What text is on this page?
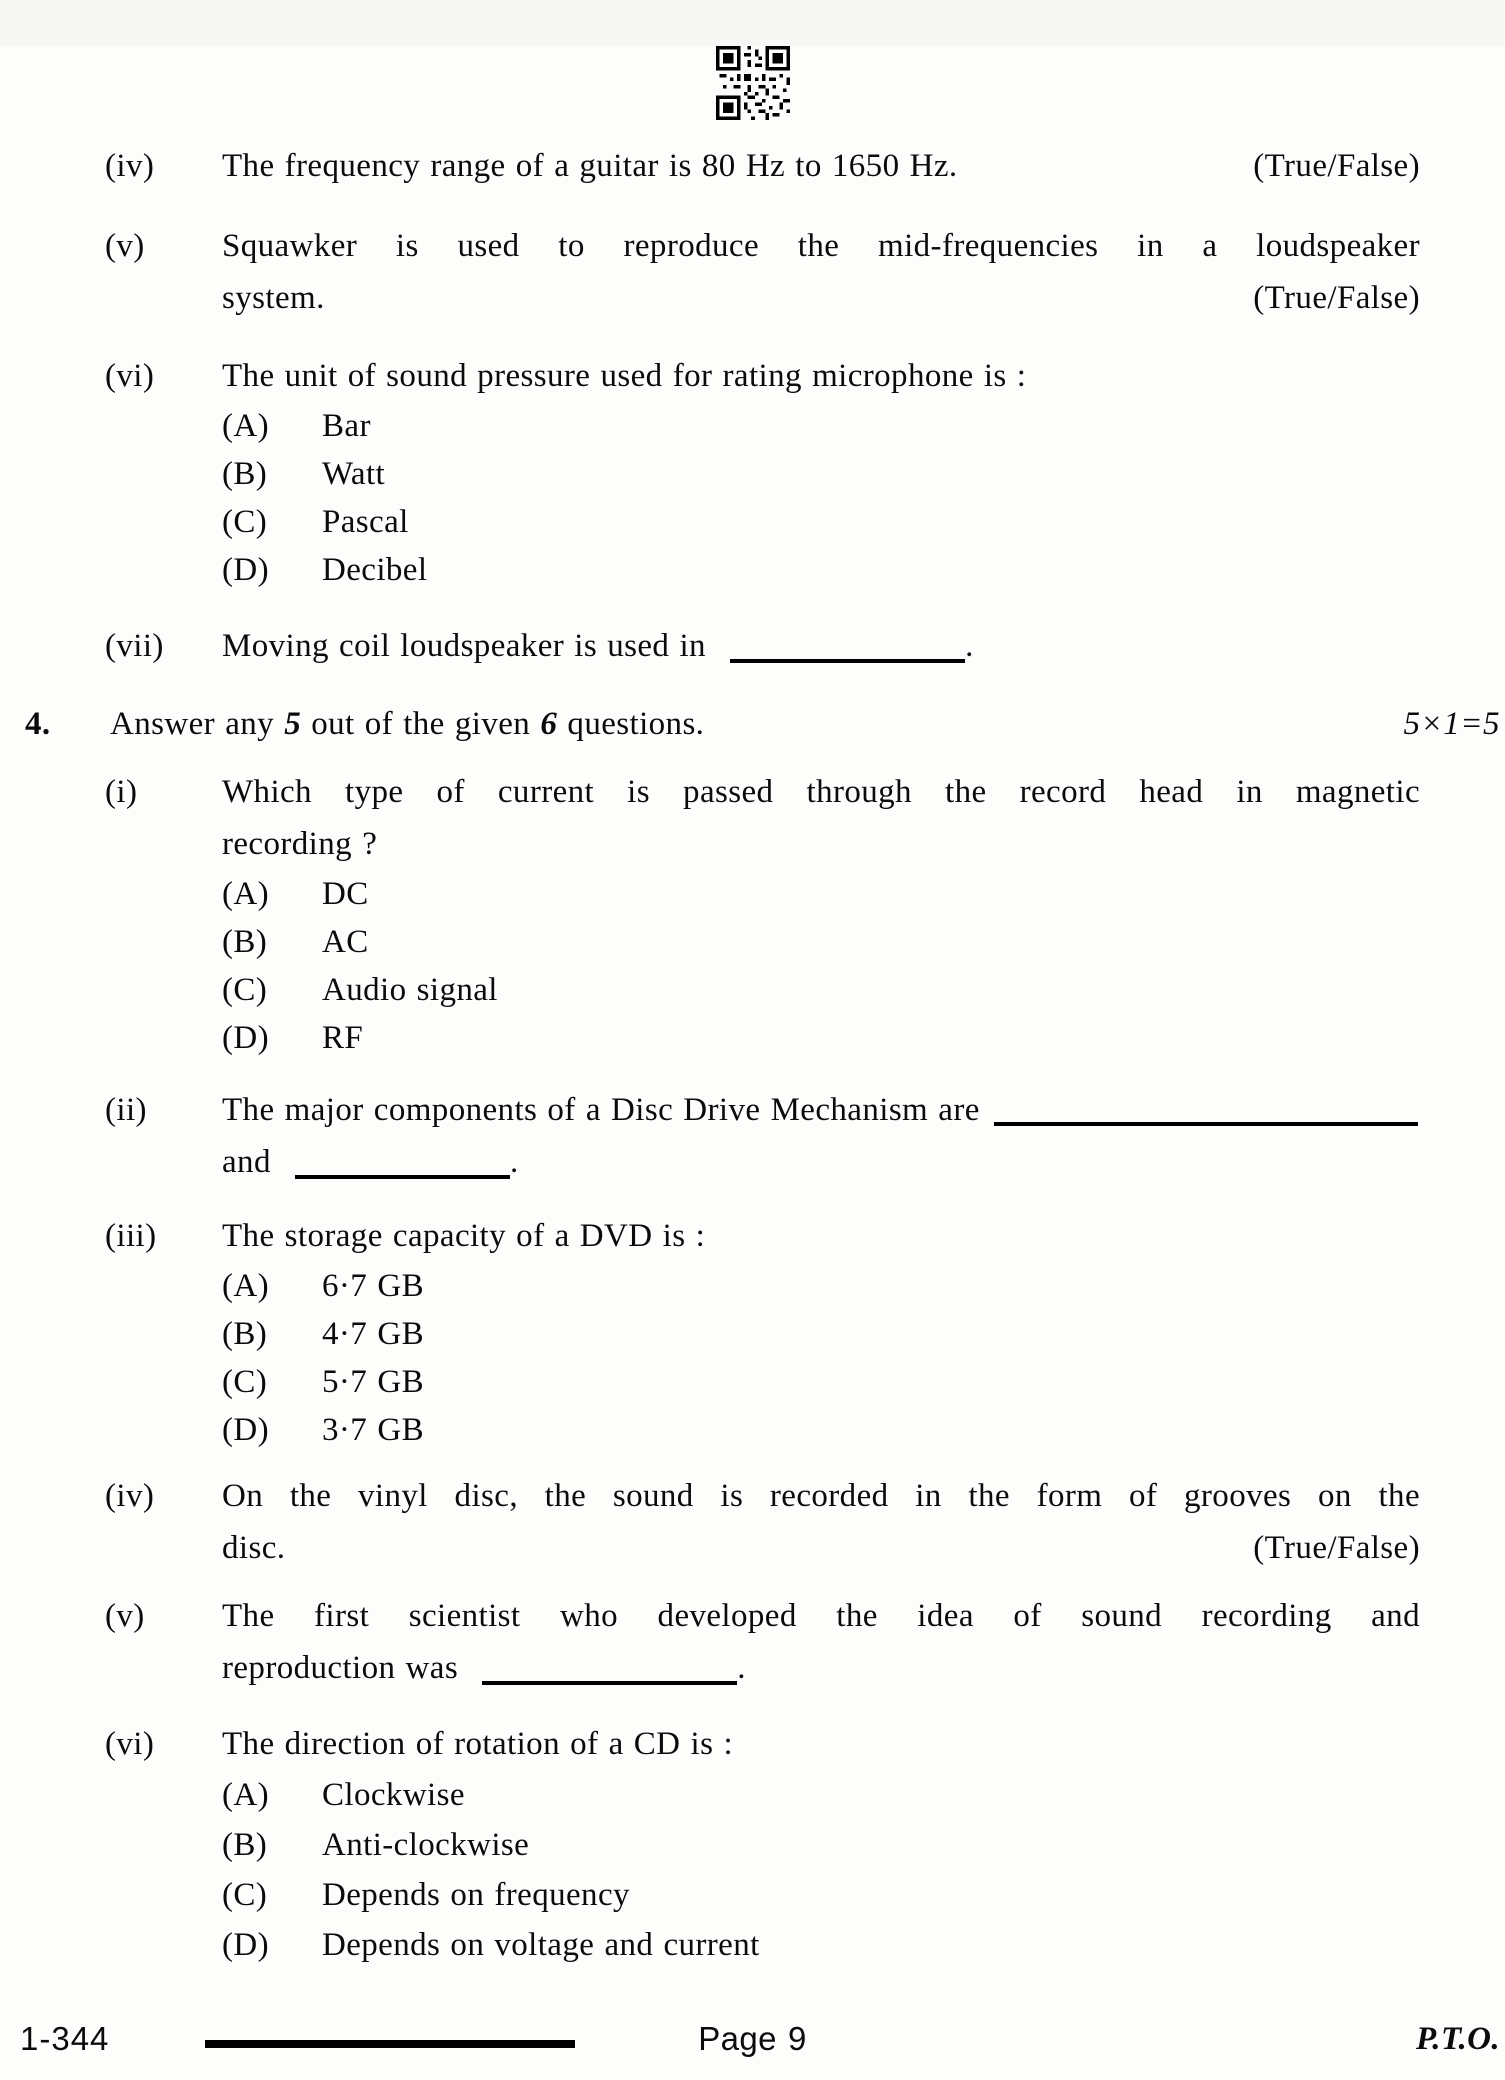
(iv)	The frequency range of a guitar is 80 Hz to 1650 Hz.	(True/False)
(v)	Squawker is used to reproduce the mid-frequencies in a loudspeaker
system.	(True/False)
(vi)	The unit of sound pressure used for rating microphone is :
(A)	Bar
(B)	Watt
(C)	Pascal
(D)	Decibel
(vii)	Moving coil loudspeaker is used in	.
4.	Answer any 5 out of the given 6 questions.	5×1=5
(i)	Which type of current is passed through the record head in magnetic
recording ?
(A)	DC
(B)	AC
(C)	Audio signal
(D)	RF
(ii)	The major components of a Disc Drive Mechanism are
and	.
(iii)	The storage capacity of a DVD is :
(A)	6·7 GB
(B)	4·7 GB
(C)	5·7 GB
(D)	3·7 GB
(iv)	On the vinyl disc, the sound is recorded in the form of grooves on the
disc.	(True/False)
(v)	The first scientist who developed the idea of sound recording and
reproduction was	.
(vi)	The direction of rotation of a CD is :
(A)	Clockwise
(B)	Anti-clockwise
(C)	Depends on frequency
(D)	Depends on voltage and current
1-344	Page 9	P.T.O.
